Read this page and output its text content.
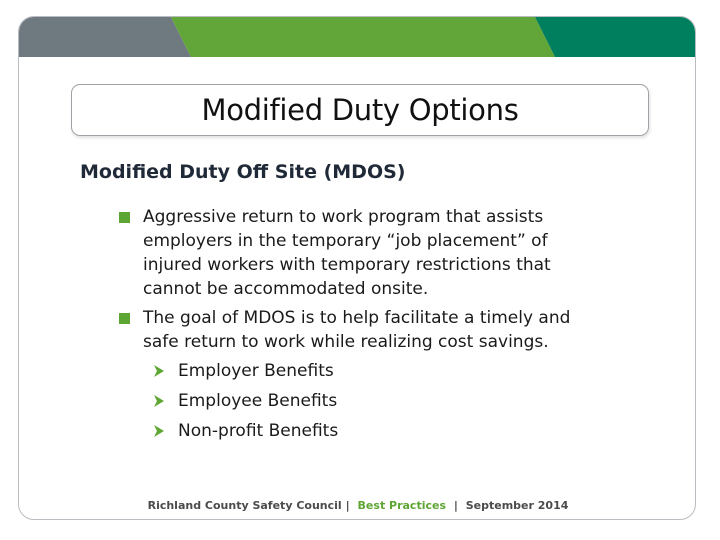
Modified Duty Options
Modified Duty Off Site (MDOS)
Aggressive return to work program that assists employers in the temporary “job placement” of injured workers with temporary restrictions that cannot be accommodated onsite.
The goal of MDOS is to help facilitate a timely and safe return to work while realizing cost savings.
Employer Benefits
Employee Benefits
Non-profit Benefits
Richland County Safety Council | Best Practices | September 2014
